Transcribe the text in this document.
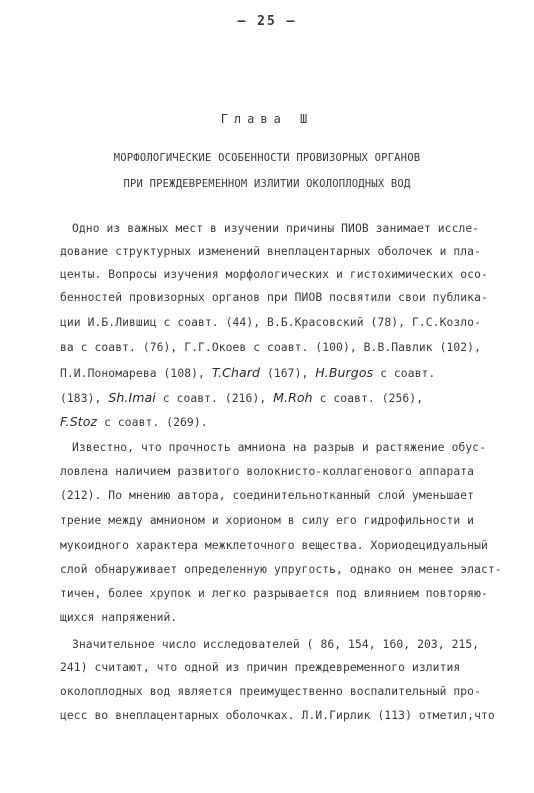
– 25 –
Глава Ш
МОРФОЛОГИЧЕСКИЕ ОСОБЕННОСТИ ПРОВИЗОРНЫХ ОРГАНОВ
ПРИ ПРЕЖДЕВРЕМЕННОМ ИЗЛИТИИ ОКОЛОПЛОДНЫХ ВОД
Одно из важных мест в изучении причины ПИОВ занимает иссле-
дование структурных изменений внеплацентарных оболочек и пла-
центы. Вопросы изучения морфологических и гистохимических осо-
бенностей провизорных органов при ПИОВ посвятили свои публика-
ции И.Б.Лившиц с соавт. (44), В.Б.Красовский (78), Г.С.Козло-
ва с соавт. (76), Г.Г.Окоев с соавт. (100), В.В.Павлик (102),
П.И.Пономарева (108), T.Chard (167), H.Burgos с соавт.
(183), Sh.Imai с соавт. (216), M.Roh с соавт. (256),
F.Stoz с соавт. (269).
Известно, что прочность амниона на разрыв и растяжение обус-
ловлена наличием развитого волокнисто-коллагенового аппарата
(212). По мнению автора, соединительнотканный слой уменьшает
трение между амнионом и хорионом в силу его гидрофильности и
мукоидного характера межклеточного вещества. Хориодецидуальный
слой обнаруживает определенную упругость, однако он менее эласт-
тичен, более хрупок и легко разрывается под влиянием повторяю-
щихся напряжений.
Значительное число исследователей ( 86, 154, 160, 203, 215,
241) считают, что одной из причин преждевременного излития
околоплодных вод является преимущественно воспалительный про-
цесс во внеплацентарных оболочках. Л.И.Гирлик (113) отметил,что
